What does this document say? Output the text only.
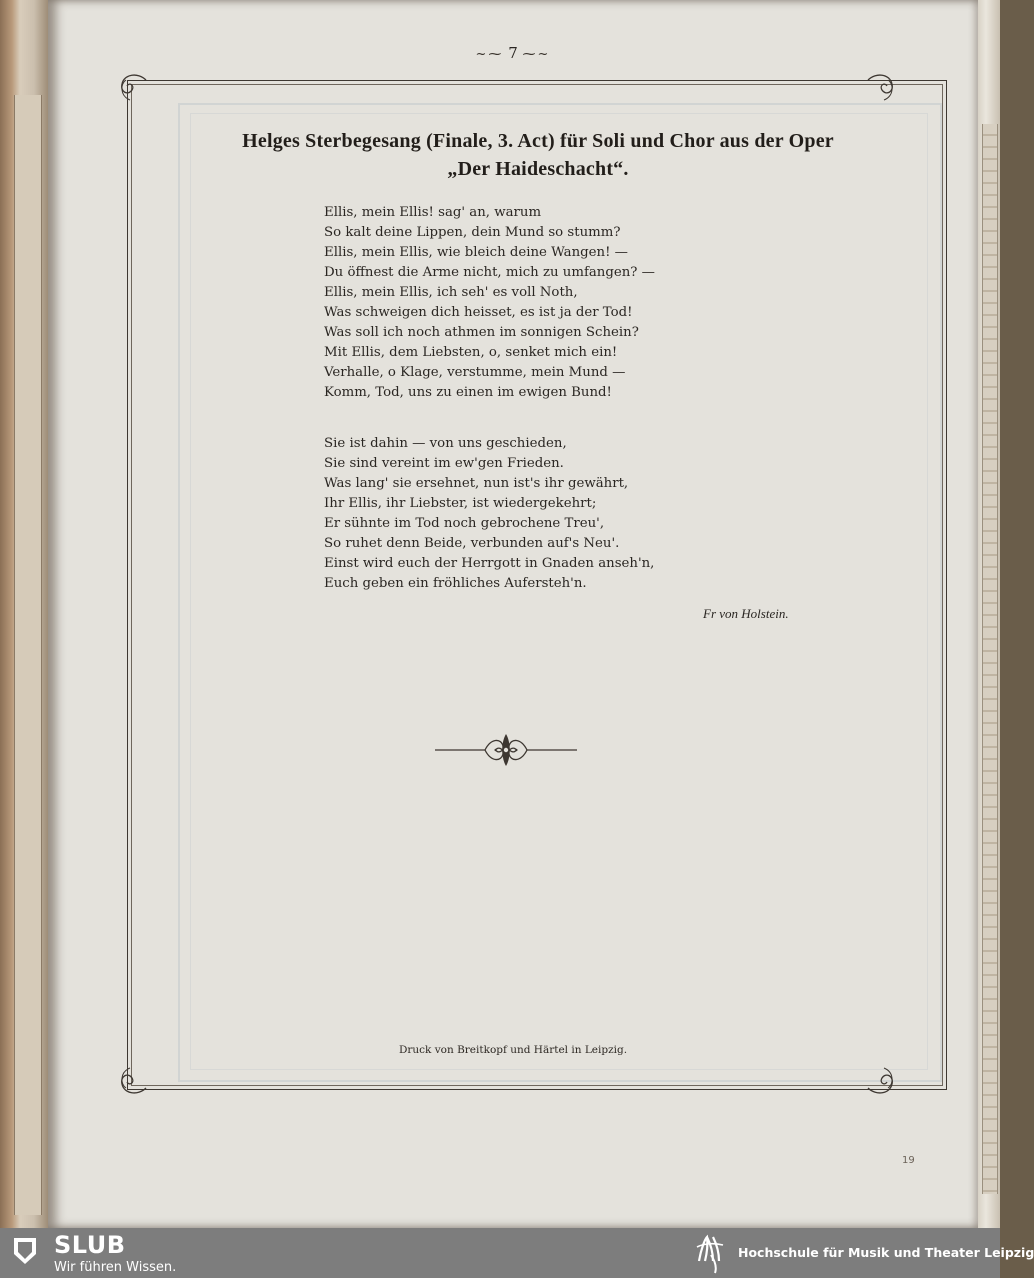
~⁓ 7 ⁓~
Helges Sterbegesang (Finale, 3. Act) für Soli und Chor aus der Oper
„Der Haideschacht“.
Ellis, mein Ellis! sag' an, warum
So kalt deine Lippen, dein Mund so stumm?
Ellis, mein Ellis, wie bleich deine Wangen! —
Du öffnest die Arme nicht, mich zu umfangen? —
Ellis, mein Ellis, ich seh' es voll Noth,
Was schweigen dich heisset, es ist ja der Tod!
Was soll ich noch athmen im sonnigen Schein?
Mit Ellis, dem Liebsten, o, senket mich ein!
Verhalle, o Klage, verstumme, mein Mund —
Komm, Tod, uns zu einen im ewigen Bund!
Sie ist dahin — von uns geschieden,
Sie sind vereint im ew'gen Frieden.
Was lang' sie ersehnet, nun ist's ihr gewährt,
Ihr Ellis, ihr Liebster, ist wiedergekehrt;
Er sühnte im Tod noch gebrochene Treu',
So ruhet denn Beide, verbunden auf's Neu'.
Einst wird euch der Herrgott in Gnaden anseh'n,
Euch geben ein fröhliches Aufersteh'n.
Fr von Holstein.
Druck von Breitkopf und Härtel in Leipzig.
19
SLUB
Wir führen Wissen.
Hochschule für Musik und Theater Leipzig
